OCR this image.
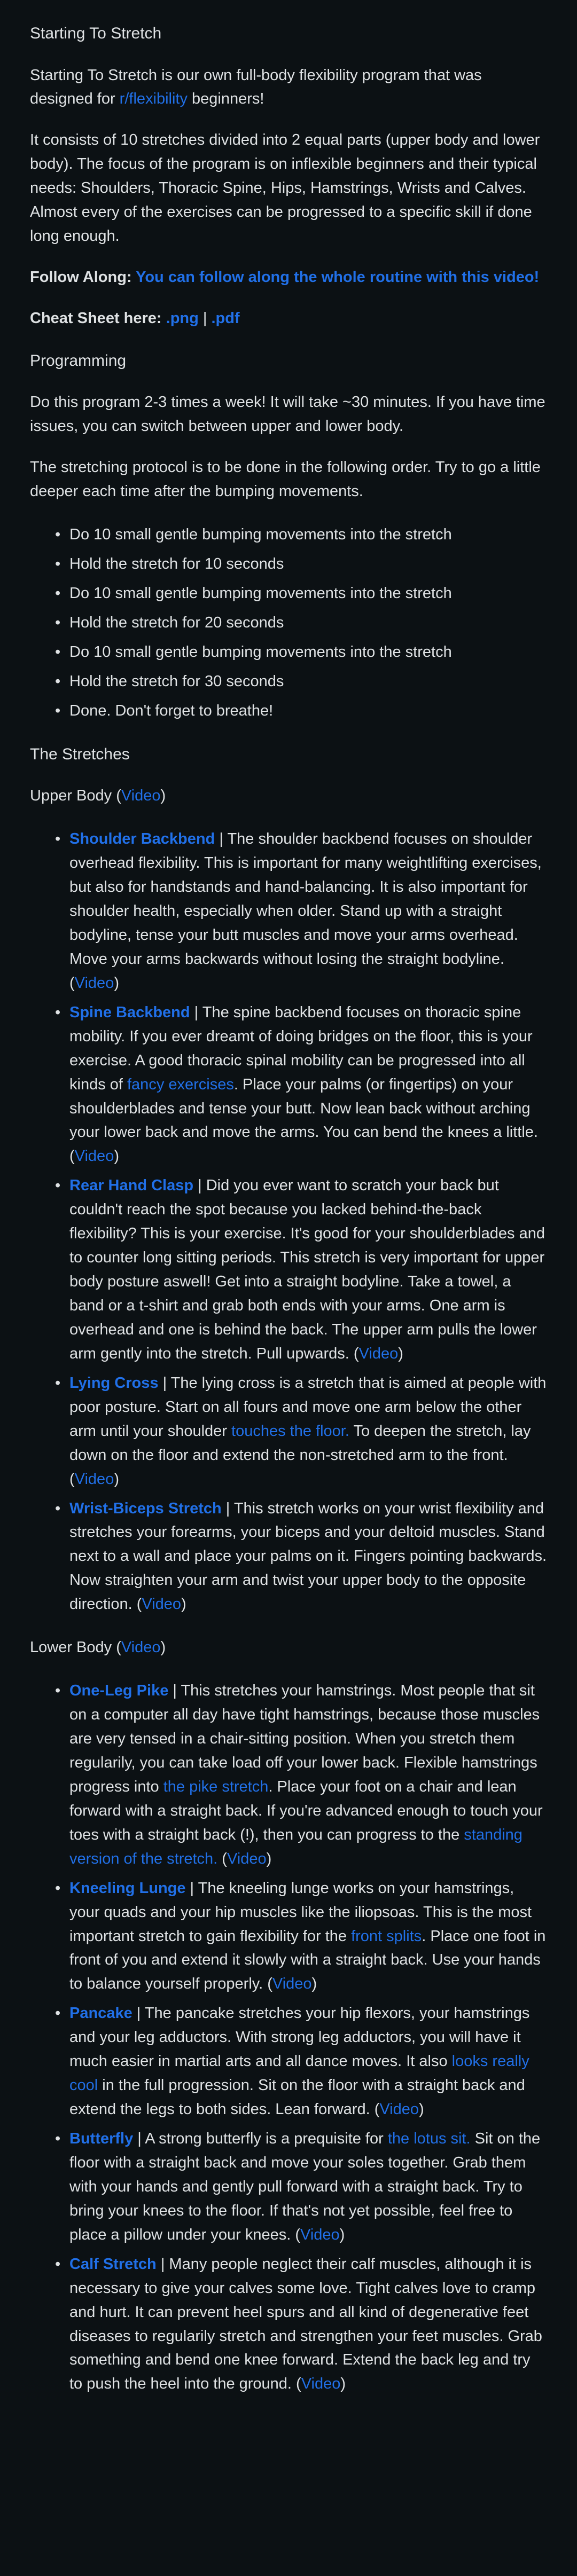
Starting To Stretch

Starting To Stretch is our own full-body flexibility program that was designed for r/flexibility beginners!

It consists of 10 stretches divided into 2 equal parts (upper body and lower body). The focus of the program is on inflexible beginners and their typical needs: Shoulders, Thoracic Spine, Hips, Hamstrings, Wrists and Calves. Almost every of the exercises can be progressed to a specific skill if done long enough.

Follow Along: You can follow along the whole routine with this video!

Cheat Sheet here: .png | .pdf

Programming

Do this program 2-3 times a week! It will take ~30 minutes. If you have time issues, you can switch between upper and lower body.

The stretching protocol is to be done in the following order. Try to go a little deeper each time after the bumping movements.

• Do 10 small gentle bumping movements into the stretch
• Hold the stretch for 10 seconds
• Do 10 small gentle bumping movements into the stretch
• Hold the stretch for 20 seconds
• Do 10 small gentle bumping movements into the stretch
• Hold the stretch for 30 seconds
• Done. Don't forget to breathe!
The Stretches

Upper Body (Video)

• Shoulder Backbend | The shoulder backbend focuses on shoulder overhead flexibility. This is important for many weightlifting exercises, but also for handstands and hand-balancing. It is also important for shoulder health, especially when older. Stand up with a straight bodyline, tense your butt muscles and move your arms overhead. Move your arms backwards without losing the straight bodyline. (Video)
• Spine Backbend | The spine backbend focuses on thoracic spine mobility. If you ever dreamt of doing bridges on the floor, this is your exercise. A good thoracic spinal mobility can be progressed into all kinds of fancy exercises. Place your palms (or fingertips) on your shoulderblades and tense your butt. Now lean back without arching your lower back and move the arms. You can bend the knees a little. (Video)
• Rear Hand Clasp | Did you ever want to scratch your back but couldn't reach the spot because you lacked behind-the-back flexibility? This is your exercise. It's good for your shoulderblades and to counter long sitting periods. This stretch is very important for upper body posture aswell! Get into a straight bodyline. Take a towel, a band or a t-shirt and grab both ends with your arms. One arm is overhead and one is behind the back. The upper arm pulls the lower arm gently into the stretch. Pull upwards. (Video)
• Lying Cross | The lying cross is a stretch that is aimed at people with poor posture. Start on all fours and move one arm below the other arm until your shoulder touches the floor. To deepen the stretch, lay down on the floor and extend the non-stretched arm to the front. (Video)
• Wrist-Biceps Stretch | This stretch works on your wrist flexibility and stretches your forearms, your biceps and your deltoid muscles. Stand next to a wall and place your palms on it. Fingers pointing backwards. Now straighten your arm and twist your upper body to the opposite direction. (Video)

Lower Body (Video)

• One-Leg Pike | This stretches your hamstrings. Most people that sit on a computer all day have tight hamstrings, because those muscles are very tensed in a chair-sitting position. When you stretch them regularily, you can take load off your lower back. Flexible hamstrings progress into the pike stretch. Place your foot on a chair and lean forward with a straight back. If you're advanced enough to touch your toes with a straight back (!), then you can progress to the standing version of the stretch. (Video)
• Kneeling Lunge | The kneeling lunge works on your hamstrings, your quads and your hip muscles like the iliopsoas. This is the most important stretch to gain flexibility for the front splits. Place one foot in front of you and extend it slowly with a straight back. Use your hands to balance yourself properly. (Video)
• Pancake | The pancake stretches your hip flexors, your hamstrings and your leg adductors. With strong leg adductors, you will have it much easier in martial arts and all dance moves. It also looks really cool in the full progression. Sit on the floor with a straight back and extend the legs to both sides. Lean forward. (Video)
• Butterfly | A strong butterfly is a prequisite for the lotus sit. Sit on the floor with a straight back and move your soles together. Grab them with your hands and gently pull forward with a straight back. Try to bring your knees to the floor. If that's not yet possible, feel free to place a pillow under your knees. (Video)
• Calf Stretch | Many people neglect their calf muscles, although it is necessary to give your calves some love. Tight calves love to cramp and hurt. It can prevent heel spurs and all kind of degenerative feet diseases to regularily stretch and strengthen your feet muscles. Grab something and bend one knee forward. Extend the back leg and try to push the heel into the ground. (Video)
